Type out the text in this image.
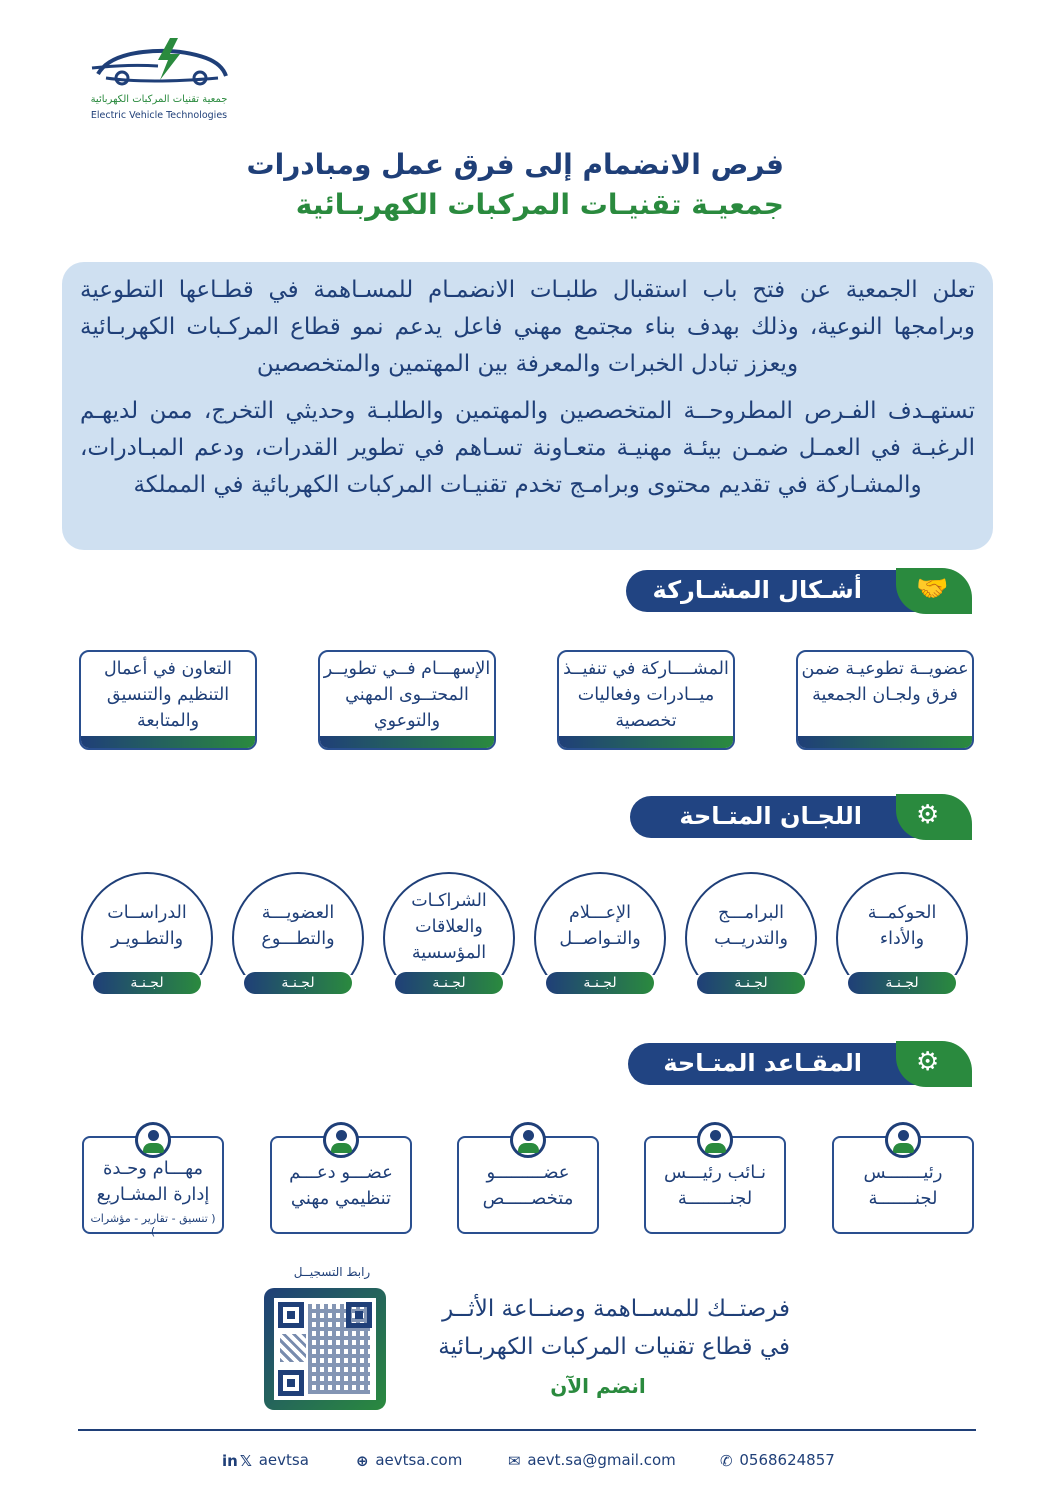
جمعية تقنيات المركبات الكهربائية
Electric Vehicle Technologies
فرص الانضمام إلى فرق عمل ومبادرات
جمعيـة تقنيـات المركبات الكهربـائية

تعلن الجمعية عن فتح باب استقبال طلبـات الانضمـام للمسـاهمة في قطـاعها التطوعية وبرامجها النوعية، وذلك بهدف بناء مجتمع مهني فاعل يدعم نمو قطاع المركـبات الكهربـائية ويعزز تبادل الخبرات والمعرفة بين المهتمين والمتخصصين

تستهـدف الفـرص المطروحــة المتخصصين والمهتمين والطلبـة وحديثي التخرج، ممن لديهـم الرغبـة في العمـل ضمـن بيئـة مهنيـة متعـاونة تسـاهم في تطوير القدرات، ودعم المبـادرات، والمشـاركة في تقديم محتوى وبرامـج تخدم تقنيـات المركبات الكهربائية في المملكة

أشـكال المشـاركة 🤝
عضويــة تطوعيـة ضمن فرق ولجـان الجمعية
المشــــاركة في تنفيــذ ميــادرات وفعاليات تخصصية
الإسهـــام فــي تطويــر المحتــوى المهني والتوعوي
التعاون في أعمال التنظيم والتنسيق والمتابعة
اللجـان المتـاحة ⚙
الحوكمــة
والأداء
لجـنـة
البرامـــج
والتدريــب
لجـنـة
الإعـــلام
والتـواصــل
لجـنـة
الشراكـات
والعلاقات
المؤسسية
لجـنـة
العضويـــة
والتطـــوع
لجـنـة
الدراســات
والتطـويـر
لجـنـة
المقـاعد المتـاحة ⚙
رئيـــــــس
لجنـــــــة
نـائب رئيـــس
لجنــــــــة
عضـــــــــو
متخصـــــص
عضـــو دعـــم
تنظيمي مهني
مهـــام وحـدة
إدارة المشـاريع
( تنسيق - تقارير - مؤشرات )
رابط التسجيــل
فرصتــك للمســاهمة وصنــاعة الأثــر
في قطاع تقنيات المركبات الكهربـائية
انضم الآن
in 𝕏 aevtsa	⊕ aevtsa.com	✉ aevt.sa@gmail.com	✆ 0568624857
